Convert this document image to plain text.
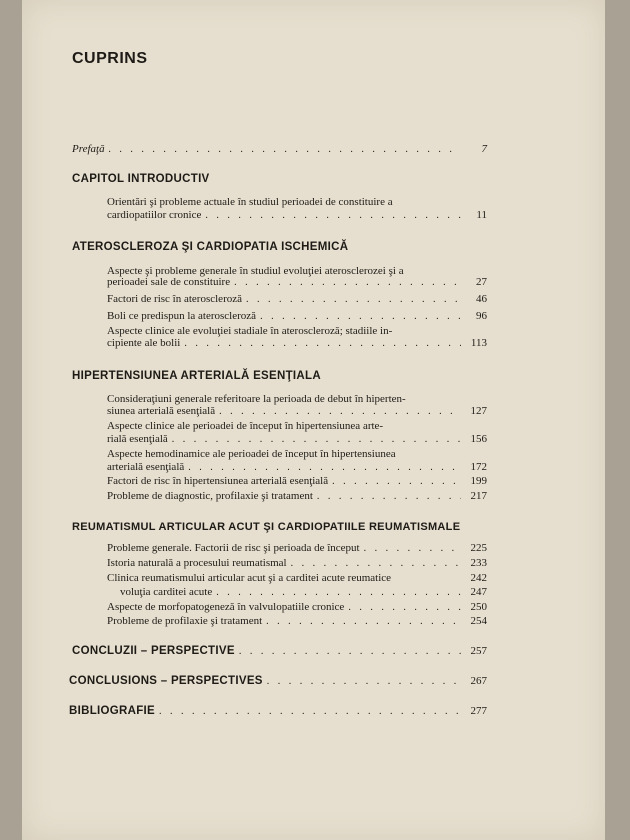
CUPRINS
Prefaţă . . .	7
CAPITOL INTRODUCTIV
Orientări şi probleme actuale în studiul perioadei de constituire a
cardiopatiilor cronice . . .	11
ATEROSCLEROZA ŞI CARDIOPATIA ISCHEMICĂ
Aspecte şi probleme generale în studiul evoluţiei aterosclerozei şi a
perioadei sale de constituire . . .	27
Factori de risc în ateroscleroză . . .	46
Boli ce predispun la ateroscleroză . . .	96
Aspecte clinice ale evoluţiei stadiale în ateroscleroză; stadiile in-
cipiente ale bolii . . .	113
HIPERTENSIUNEA ARTERIALĂ ESENŢIALA
Consideraţiuni generale referitoare la perioada de debut în hiperten-
siunea arterială esenţială . . .	127
Aspecte clinice ale perioadei de început în hipertensiunea arte-
rială esenţială . . .	156
Aspecte hemodinamice ale perioadei de început în hipertensiunea
arterială esenţială . . .	172
Factori de risc în hipertensiunea arterială esenţială . . .	199
Probleme de diagnostic, profilaxie şi tratament . . .	217
REUMATISMUL ARTICULAR ACUT ŞI CARDIOPATIILE REUMATISMALE
Probleme generale. Factorii de risc şi perioada de început . . .	225
Istoria naturală a procesului reumatismal . . .	233
Clinica reumatismului articular acut şi a carditei acute reumatice	242
voluţia carditei acute . . .	247
Aspecte de morfopatogeneză în valvulopatiile cronice . . .	250
Probleme de profilaxie şi tratament . . .	254
CONCLUZII – PERSPECTIVE . . .	257
CONCLUSIONS – PERSPECTIVES . . .	267
BIBLIOGRAFIE . . .	277
